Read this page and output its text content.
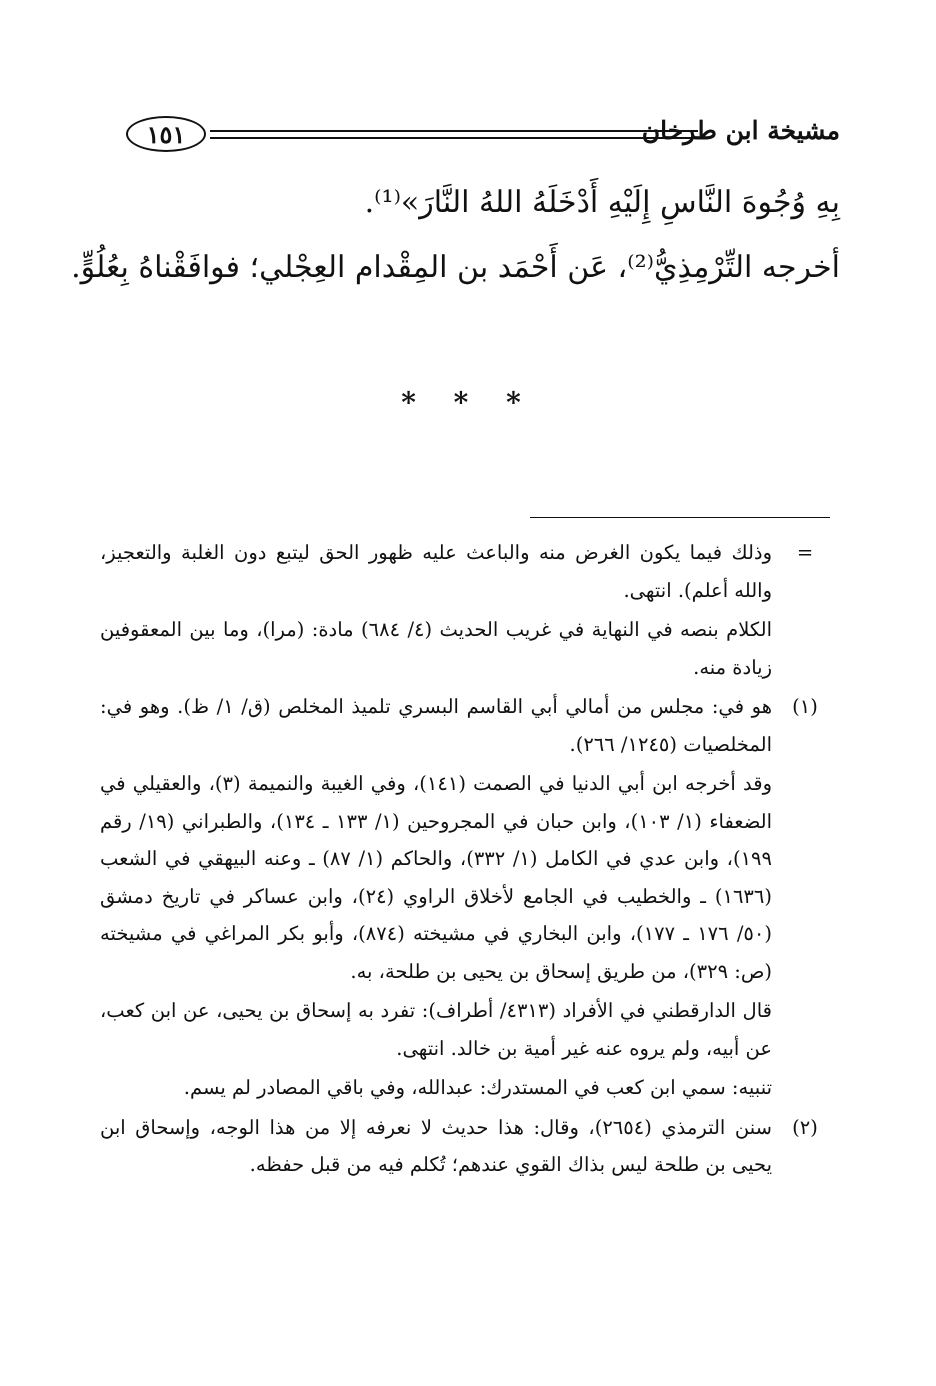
١٥١	مشيخة ابن طرخان
بِهِ وُجُوهَ النَّاسِ إِلَيْهِ أَدْخَلَهُ اللهُ النَّارَ»⁽¹⁾.
أخرجه التِّرْمِذِيُّ⁽²⁾، عَن أَحْمَد بن المِقْدام العِجْلي؛ فوافَقْناهُ بِعُلُوٍّ.
* * *
=

وذلك فيما يكون الغرض منه والباعث عليه ظهور الحق ليتبع دون الغلبة والتعجيز، والله أعلم). انتهى.

الكلام بنصه في النهاية في غريب الحديث (٤/ ٦٨٤) مادة: (مرا)، وما بين المعقوفين زيادة منه.

(١)

هو في: مجلس من أمالي أبي القاسم البسري تلميذ المخلص (ق/ ١/ ظ). وهو في: المخلصيات (١٢٤٥/ ٢٦٦).

وقد أخرجه ابن أبي الدنيا في الصمت (١٤١)، وفي الغيبة والنميمة (٣)، والعقيلي في الضعفاء (١/ ١٠٣)، وابن حبان في المجروحين (١/ ١٣٣ ـ ١٣٤)، والطبراني (١٩/ رقم ١٩٩)، وابن عدي في الكامل (١/ ٣٣٢)، والحاكم (١/ ٨٧) ـ وعنه البيهقي في الشعب (١٦٣٦) ـ والخطيب في الجامع لأخلاق الراوي (٢٤)، وابن عساكر في تاريخ دمشق (٥٠/ ١٧٦ ـ ١٧٧)، وابن البخاري في مشيخته (٨٧٤)، وأبو بكر المراغي في مشيخته (ص: ٣٢٩)، من طريق إسحاق بن يحيى بن طلحة، به.

قال الدارقطني في الأفراد (٤٣١٣/ أطراف): تفرد به إسحاق بن يحيى، عن ابن كعب، عن أبيه، ولم يروه عنه غير أمية بن خالد. انتهى.

تنبيه: سمي ابن كعب في المستدرك: عبدالله، وفي باقي المصادر لم يسم.

(٢)

سنن الترمذي (٢٦٥٤)، وقال: هذا حديث لا نعرفه إلا من هذا الوجه، وإسحاق ابن يحيى بن طلحة ليس بذاك القوي عندهم؛ تُكلم فيه من قبل حفظه.
